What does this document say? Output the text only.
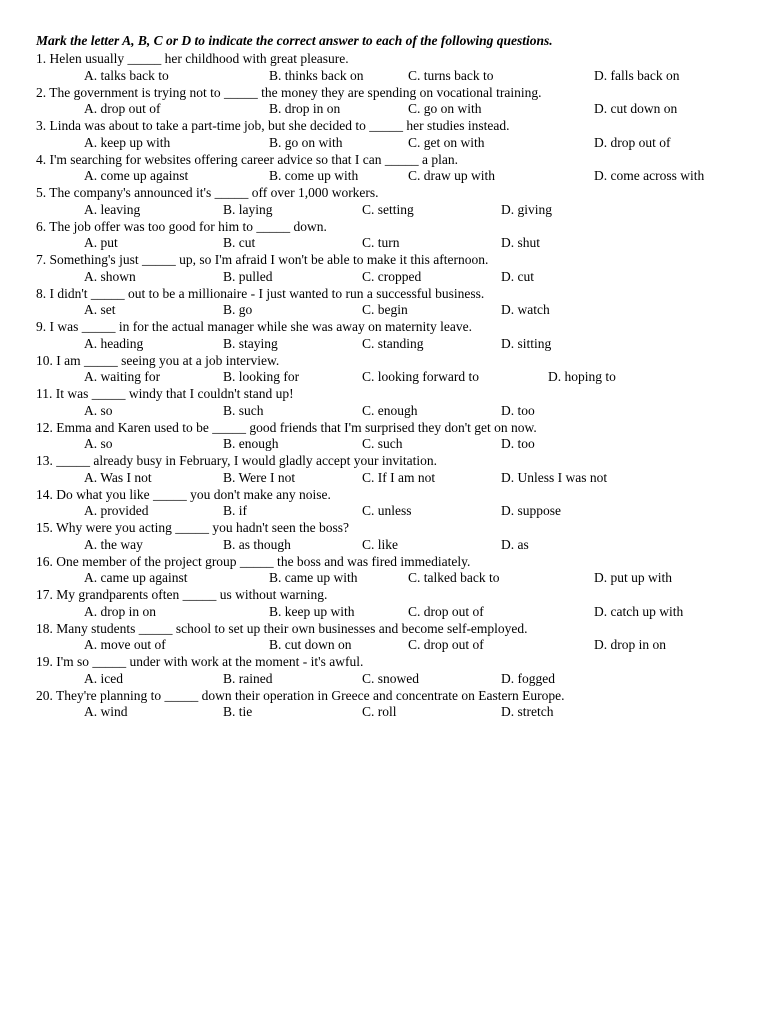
Mark the letter A, B, C or D to indicate the correct answer to each of the following questions.
1. Helen usually _____ her childhood with great pleasure.
A. talks back to	B. thinks back on	C. turns back to	D. falls back on
2. The government is trying not to _____ the money they are spending on vocational training.
A. drop out of	B. drop in on	C. go on with	D. cut down on
3. Linda was about to take a part-time job, but she decided to _____ her studies instead.
A. keep up with	B. go on with	C. get on with	D. drop out of
4. I'm searching for websites offering career advice so that I can _____ a plan.
A. come up against	B. come up with	C. draw up with	D. come across with
5. The company's announced it's _____ off over 1,000 workers.
A. leaving	B. laying	C. setting	D. giving
6. The job offer was too good for him to _____ down.
A. put	B. cut	C. turn	D. shut
7. Something's just _____ up, so I'm afraid I won't be able to make it this afternoon.
A. shown	B. pulled	C. cropped	D. cut
8. I didn't _____ out to be a millionaire - I just wanted to run a successful business.
A. set	B. go	C. begin	D. watch
9. I was _____ in for the actual manager while she was away on maternity leave.
A. heading	B. staying	C. standing	D. sitting
10. I am _____ seeing you at a job interview.
A. waiting for	B. looking for	C. looking forward to	D. hoping to
11. It was _____ windy that I couldn't stand up!
A. so	B. such	C. enough	D. too
12. Emma and Karen used to be _____ good friends that I'm surprised they don't get on now.
A. so	B. enough	C. such	D. too
13. _____ already busy in February, I would gladly accept your invitation.
A. Was I not	B. Were I not	C. If I am not	D. Unless I was not
14. Do what you like _____ you don't make any noise.
A. provided	B. if	C. unless	D. suppose
15. Why were you acting _____ you hadn't seen the boss?
A. the way	B. as though	C. like	D. as
16. One member of the project group _____ the boss and was fired immediately.
A. came up against	B. came up with	C. talked back to	D. put up with
17. My grandparents often _____ us without warning.
A. drop in on	B. keep up with	C. drop out of	D. catch up with
18. Many students _____ school to set up their own businesses and become self-employed.
A. move out of	B. cut down on	C. drop out of	D. drop in on
19. I'm so _____ under with work at the moment - it's awful.
A. iced	B. rained	C. snowed	D. fogged
20. They're planning to _____ down their operation in Greece and concentrate on Eastern Europe.
A. wind	B. tie	C. roll	D. stretch
